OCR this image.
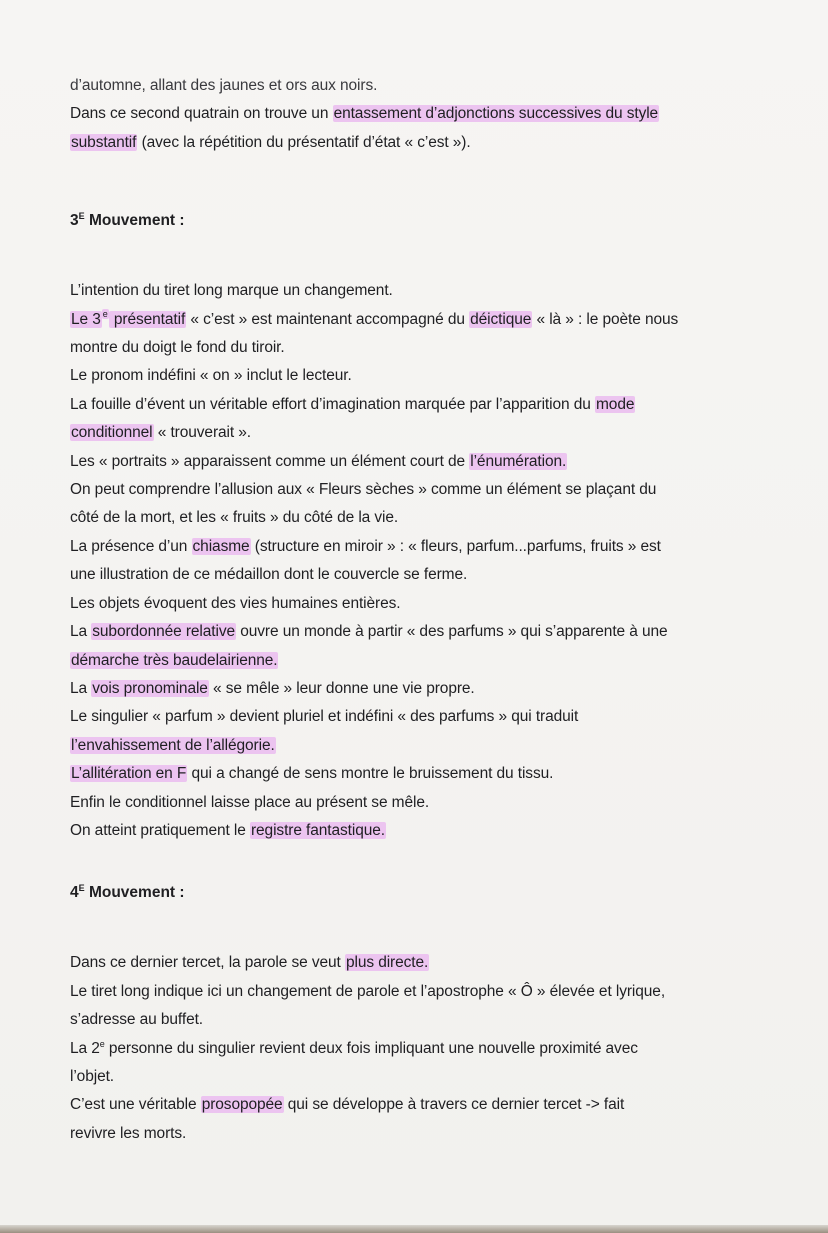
d’automne, allant des jaunes et ors aux noirs.
Dans ce second quatrain on trouve un entassement d’adjonctions successives du style
substantif (avec la répétition du présentatif d’état « c’est »).
$3^E$ Mouvement :
L’intention du tiret long marque un changement.
Le 3 $^e$ présentatif « c’est » est maintenant accompagné du déictique « là » : le poète nous
montre du doigt le fond du tiroir.
Le pronom indéfini « on » inclut le lecteur.
La fouille d’évent un véritable effort d’imagination marquée par l’apparition du mode
conditionnel « trouverait ».
Les « portraits » apparaissent comme un élément court de l’énumération.
On peut comprendre l’allusion aux « Fleurs sèches » comme un élément se plaçant du
côté de la mort, et les « fruits » du côté de la vie.
La présence d’un chiasme (structure en miroir » : « fleurs, parfum...parfums, fruits » est
une illustration de ce médaillon dont le couvercle se ferme.
Les objets évoquent des vies humaines entières.
La subordonnée relative ouvre un monde à partir « des parfums » qui s’apparente à une
démarche très baudelairienne.
La vois pronominale « se mêle » leur donne une vie propre.
Le singulier « parfum » devient pluriel et indéfini « des parfums » qui traduit
l’envahissement de l’allégorie.
L’allitération en F qui a changé de sens montre le bruissement du tissu.
Enfin le conditionnel laisse place au présent se mêle.
On atteint pratiquement le registre fantastique.
$4^E$ Mouvement :
Dans ce dernier tercet, la parole se veut plus directe.
Le tiret long indique ici un changement de parole et l’apostrophe « Ô » élevée et lyrique,
s’adresse au buffet.
La 2e personne du singulier revient deux fois impliquant une nouvelle proximité avec
l’objet.
C’est une véritable prosopopée qui se développe à travers ce dernier tercet -> fait
revivre les morts.
